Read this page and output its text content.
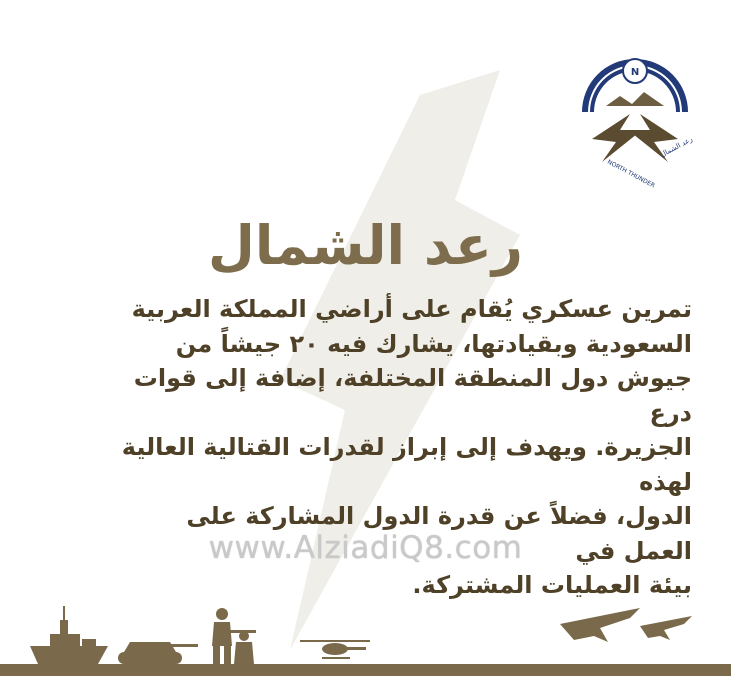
N
NORTH THUNDER
رعد الشمال
رعد الشمال
تمرين عسكري يُقام على أراضي المملكة العربية
السعودية وبقيادتها، يشارك فيه ٢٠ جيشاً من
جيوش دول المنطقة المختلفة، إضافة إلى قوات درع
الجزيرة. ويهدف إلى إبراز لقدرات القتالية العالية لهذه
الدول، فضلاً عن قدرة الدول المشاركة على العمل في
بيئة العمليات المشتركة.
www.AlziadiQ8.com
